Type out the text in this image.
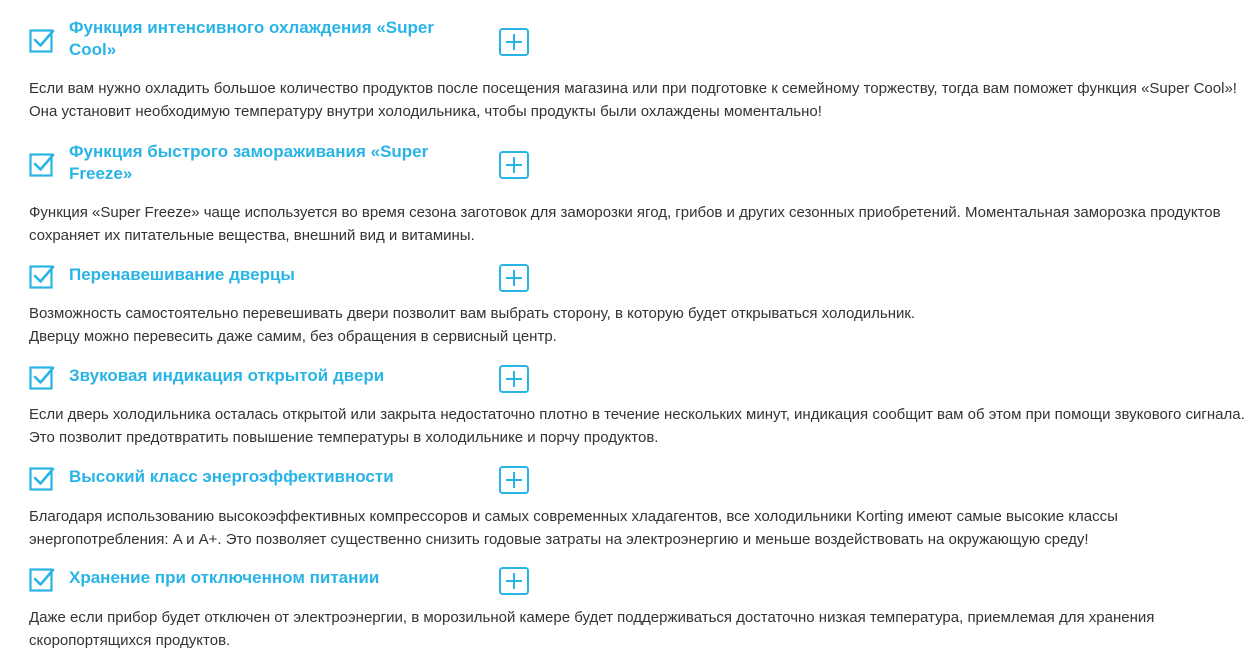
Функция интенсивного охлаждения «Super Cool»

Если вам нужно охладить большое количество продуктов после посещения магазина или при подготовке к семейному торжеству, тогда вам поможет функция «Super Cool»! Она установит необходимую температуру внутри холодильника, чтобы продукты были охлаждены моментально!

Функция быстрого замораживания «Super Freeze»

Функция «Super Freeze» чаще используется во время сезона заготовок для заморозки ягод, грибов и других сезонных приобретений. Моментальная заморозка продуктов сохраняет их питательные вещества, внешний вид и витамины.

Перенавешивание дверцы

Возможность самостоятельно перевешивать двери позволит вам выбрать сторону, в которую будет открываться холодильник.
Дверцу можно перевесить даже самим, без обращения в сервисный центр.

Звуковая индикация открытой двери

Если дверь холодильника осталась открытой или закрыта недостаточно плотно в течение нескольких минут, индикация сообщит вам об этом при помощи звукового сигнала. Это позволит предотвратить повышение температуры в холодильнике и порчу продуктов.

Высокий класс энергоэффективности

Благодаря использованию высокоэффективных компрессоров и самых современных хладагентов, все холодильники Korting имеют самые высокие классы энергопотребления: A и A+. Это позволяет существенно снизить годовые затраты на электроэнергию и меньше воздействовать на окружающую среду!

Хранение при отключенном питании

Даже если прибор будет отключен от электроэнергии, в морозильной камере будет поддерживаться достаточно низкая температура, приемлемая для хранения скоропортящихся продуктов.
